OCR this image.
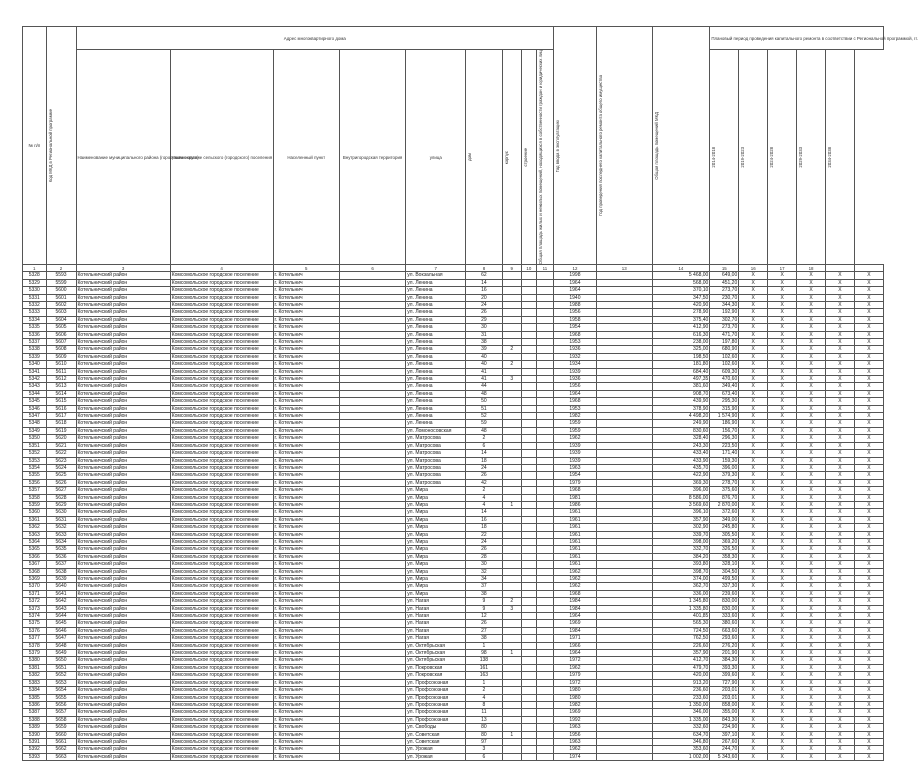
№ п/п	Код МКД в Региональной программе	Адрес многоквартирного дома									Год ввода в эксплуатацию	Год проведения последнего капитального ремонта общего имущества	Общая площадь помещений МКД	Плановый период проведения капитального ремонта в соответствии с Региональной программой, гг.					
		Наименование муниципального района (городского округа)	Наименование сельского (городского) поселения	Населенный пункт	Внутригородская территория	улица	дом	корпус	строение	Общая площадь жилых и нежилых помещений, находящихся в собственности граждан и юридических лиц				2014-2018	2019-2023	2024-2028	2029-2033	2034-2038	

1	2	3	4	5	6	7	8	9	10	11	12	13	14	15	16	17	18		
5328	5593	Котельничский район	Комсомольское городское поселение	г. Котельнич		ул. Вокзальная	62				1998		5 468,00	649,00	X	X	X	X	X
5329	5599	Котельничский район	Комсомольское городское поселение	г. Котельнич		ул. Ленина	14				1964		568,00	451,20	X	X	X	X	X
5330	5600	Котельничский район	Комсомольское городское поселение	г. Котельнич		ул. Ленина	16				1964		370,10	273,70	X	X	X	X	X
5331	5601	Котельничский район	Комсомольское городское поселение	г. Котельнич		ул. Ленина	20				1940		347,50	230,70	X	X	X	X	X
5332	5602	Котельничский район	Комсомольское городское поселение	г. Котельнич		ул. Ленина	24				1988		420,90	344,30	X	X	X	X	X
5333	5603	Котельничский район	Комсомольское городское поселение	г. Котельнич		ул. Ленина	26				1956		278,90	192,90	X	X	X	X	X
5334	5604	Котельничский район	Комсомольское городское поселение	г. Котельнич		ул. Ленина	29				1958		375,40	302,70	X	X	X	X	X
5335	5605	Котельничский район	Комсомольское городское поселение	г. Котельнич		ул. Ленина	30				1954		412,90	273,70	X	X	X	X	X
5336	5606	Котельничский район	Комсомольское городское поселение	г. Котельнич		ул. Ленина	31				1968		616,30	471,70	X	X	X	X	X
5337	5607	Котельничский район	Комсомольское городское поселение	г. Котельнич		ул. Ленина	38				1953		238,00	197,80	X	X	X	X	X
5338	5608	Котельничский район	Комсомольское городское поселение	г. Котельнич		ул. Ленина	39	2			1936		325,00	680,90	X	X	X	X	X
5339	5609	Котельничский район	Комсомольское городское поселение	г. Котельнич		ул. Ленина	40				1932		198,50	102,60	X	X	X	X	X
5340	5610	Котельничский район	Комсомольское городское поселение	г. Котельнич		ул. Ленина	40	2			1934		181,80	102,60	X	X	X	X	X
5341	5611	Котельничский район	Комсомольское городское поселение	г. Котельнич		ул. Ленина	41				1939		684,40	609,30	X	X	X	X	X
5342	5612	Котельничский район	Комсомольское городское поселение	г. Котельнич		ул. Ленина	41	3			1936		497,35	470,60	X	X	X	X	X
5343	5613	Котельничский район	Комсомольское городское поселение	г. Котельнич		ул. Ленина	44				1956		381,60	349,40	X	X	X	X	X
5344	5614	Котельничский район	Комсомольское городское поселение	г. Котельнич		ул. Ленина	48				1964		908,70	673,40	X	X	X	X	X
5345	5615	Котельничский район	Комсомольское городское поселение	г. Котельнич		ул. Ленина	50				1968		439,90	295,30	X	X	X	X	X
5346	5616	Котельничский район	Комсомольское городское поселение	г. Котельнич		ул. Ленина	51				1953		378,90	315,90	X	X	X	X	X
5347	5617	Котельничский район	Комсомольское городское поселение	г. Котельнич		ул. Ленина	52				1982		4 498,20	1 574,90	X	X	X	X	X
5348	5618	Котельничский район	Комсомольское городское поселение	г. Котельнич		ул. Ленина	59				1959		249,90	186,90	X	X	X	X	X
5349	5619	Котельничский район	Комсомольское городское поселение	г. Котельнич		ул. Ломоносовская	48				1959		830,60	156,70	X	X	X	X	X
5350	5620	Котельничский район	Комсомольское городское поселение	г. Котельнич		ул. Матросова	2				1962		328,40	296,30	X	X	X	X	X
5351	5621	Котельничский район	Комсомольское городское поселение	г. Котельнич		ул. Матросова	6				1939		243,30	223,50	X	X	X	X	X
5352	5622	Котельничский район	Комсомольское городское поселение	г. Котельнич		ул. Матросова	14				1939		433,40	171,40	X	X	X	X	X
5353	5623	Котельничский район	Комсомольское городское поселение	г. Котельнич		ул. Матросова	18				1939		433,90	159,30	X	X	X	X	X
5354	5624	Котельничский район	Комсомольское городское поселение	г. Котельнич		ул. Матросова	24				1963		435,70	396,00	X	X	X	X	X
5355	5625	Котельничский район	Комсомольское городское поселение	г. Котельнич		ул. Матросова	26				1954		422,90	379,30	X	X	X	X	X
5356	5626	Котельничский район	Комсомольское городское поселение	г. Котельнич		ул. Матросова	42				1979		369,30	278,70	X	X	X	X	X
5357	5627	Котельничский район	Комсомольское городское поселение	г. Котельнич		ул. Мира	2				1968		396,00	375,60	X	X	X	X	X
5358	5628	Котельничский район	Комсомольское городское поселение	г. Котельнич		ул. Мира	4				1981		8 586,00	876,70	X	X	X	X	X
5359	5629	Котельничский район	Комсомольское городское поселение	г. Котельнич		ул. Мира	4	1			1986		3 569,60	2 870,00	X	X	X	X	X
5360	5630	Котельничский район	Комсомольское городское поселение	г. Котельнич		ул. Мира	14				1961		396,10	372,60	X	X	X	X	X
5361	5631	Котельничский район	Комсомольское городское поселение	г. Котельнич		ул. Мира	16				1961		357,90	349,00	X	X	X	X	X
5362	5632	Котельничский район	Комсомольское городское поселение	г. Котельнич		ул. Мира	18				1961		302,90	245,80	X	X	X	X	X
5363	5633	Котельничский район	Комсомольское городское поселение	г. Котельнич		ул. Мира	22				1961		339,70	305,50	X	X	X	X	X
5364	5634	Котельничский район	Комсомольское городское поселение	г. Котельнич		ул. Мира	24				1961		398,00	369,20	X	X	X	X	X
5365	5635	Котельничский район	Комсомольское городское поселение	г. Котельнич		ул. Мира	26				1961		332,70	326,50	X	X	X	X	X
5366	5636	Котельничский район	Комсомольское городское поселение	г. Котельнич		ул. Мира	28				1961		384,20	358,30	X	X	X	X	X
5367	5637	Котельничский район	Комсомольское городское поселение	г. Котельнич		ул. Мира	30				1961		393,80	328,10	X	X	X	X	X
5368	5638	Котельничский район	Комсомольское городское поселение	г. Котельнич		ул. Мира	32				1962		398,70	304,50	X	X	X	X	X
5369	5639	Котельничский район	Комсомольское городское поселение	г. Котельнич		ул. Мира	34				1962		374,00	499,50	X	X	X	X	X
5370	5640	Котельничский район	Комсомольское городское поселение	г. Котельнич		ул. Мира	37				1962		362,70	337,30	X	X	X	X	X
5371	5641	Котельничский район	Комсомольское городское поселение	г. Котельнич		ул. Мира	38				1968		336,00	239,60	X	X	X	X	X
5372	5642	Котельничский район	Комсомольское городское поселение	г. Котельнич		ул. Нагая	9	2			1984		1 345,80	830,00	X	X	X	X	X
5373	5643	Котельничский район	Комсомольское городское поселение	г. Котельнич		ул. Нагая	9	3			1984		1 335,80	830,00	X	X	X	X	X
5374	5644	Котельничский район	Комсомольское городское поселение	г. Котельнич		ул. Нагая	12				1964		401,85	333,60	X	X	X	X	X
5375	5645	Котельничский район	Комсомольское городское поселение	г. Котельнич		ул. Нагая	26				1969		565,30	380,60	X	X	X	X	X
5376	5646	Котельничский район	Комсомольское городское поселение	г. Котельнич		ул. Нагая	27				1984		724,50	663,60	X	X	X	X	X
5377	5647	Котельничский район	Комсомольское городское поселение	г. Котельнич		ул. Нагая	38				1971		762,50	293,60	X	X	X	X	X
5378	5648	Котельничский район	Комсомольское городское поселение	г. Котельнич		ул. Октябрьская	1				1966		226,60	276,20	X	X	X	X	X
5379	5649	Котельничский район	Комсомольское городское поселение	г. Котельнич		ул. Октябрьская	98	1			1964		357,90	201,90	X	X	X	X	X
5380	5650	Котельничский район	Комсомольское городское поселение	г. Котельнич		ул. Октябрьская	138				1972		412,70	384,30	X	X	X	X	X
5381	5651	Котельничский район	Комсомольское городское поселение	г. Котельнич		ул. Покровская	161				1962		479,70	393,30	X	X	X	X	X
5382	5652	Котельничский район	Комсомольское городское поселение	г. Котельнич		ул. Покровская	163				1979		420,00	399,60	X	X	X	X	X
5383	5653	Котельничский район	Комсомольское городское поселение	г. Котельнич		ул. Профсоюзная	1				1972		913,20	727,90	X	X	X	X	X
5384	5654	Котельничский район	Комсомольское городское поселение	г. Котельнич		ул. Профсоюзная	2				1980		236,60	203,01	X	X	X	X	X
5385	5655	Котельничский район	Комсомольское городское поселение	г. Котельнич		ул. Профсоюзная	4				1980		233,60	203,01	X	X	X	X	X
5386	5656	Котельничский район	Комсомольское городское поселение	г. Котельнич		ул. Профсоюзная	8				1982		1 350,00	858,00	X	X	X	X	X
5387	5657	Котельничский район	Комсомольское городское поселение	г. Котельнич		ул. Профсоюзная	11				1969		346,00	355,00	X	X	X	X	X
5388	5658	Котельничский район	Комсомольское городское поселение	г. Котельнич		ул. Профсоюзная	13				1992		1 335,00	843,30	X	X	X	X	X
5389	5659	Котельничский район	Комсомольское городское поселение	г. Котельнич		ул. Свободы	80				1963		332,60	234,90	X	X	X	X	X
5390	5660	Котельничский район	Комсомольское городское поселение	г. Котельнич		ул. Советская	80	1			1956		634,70	397,10	X	X	X	X	X
5391	5661	Котельничский район	Комсомольское городское поселение	г. Котельнич		ул. Советская	97				1963		346,80	267,60	X	X	X	X	X
5392	5662	Котельничский район	Комсомольское городское поселение	г. Котельнич		ул. Урожая	3				1962		353,60	244,70	X	X	X	X	X
5393	5663	Котельничский район	Комсомольское городское поселение	г. Котельнич		ул. Урожая	6				1974		1 002,00	5 343,60	X	X	X	X	X
